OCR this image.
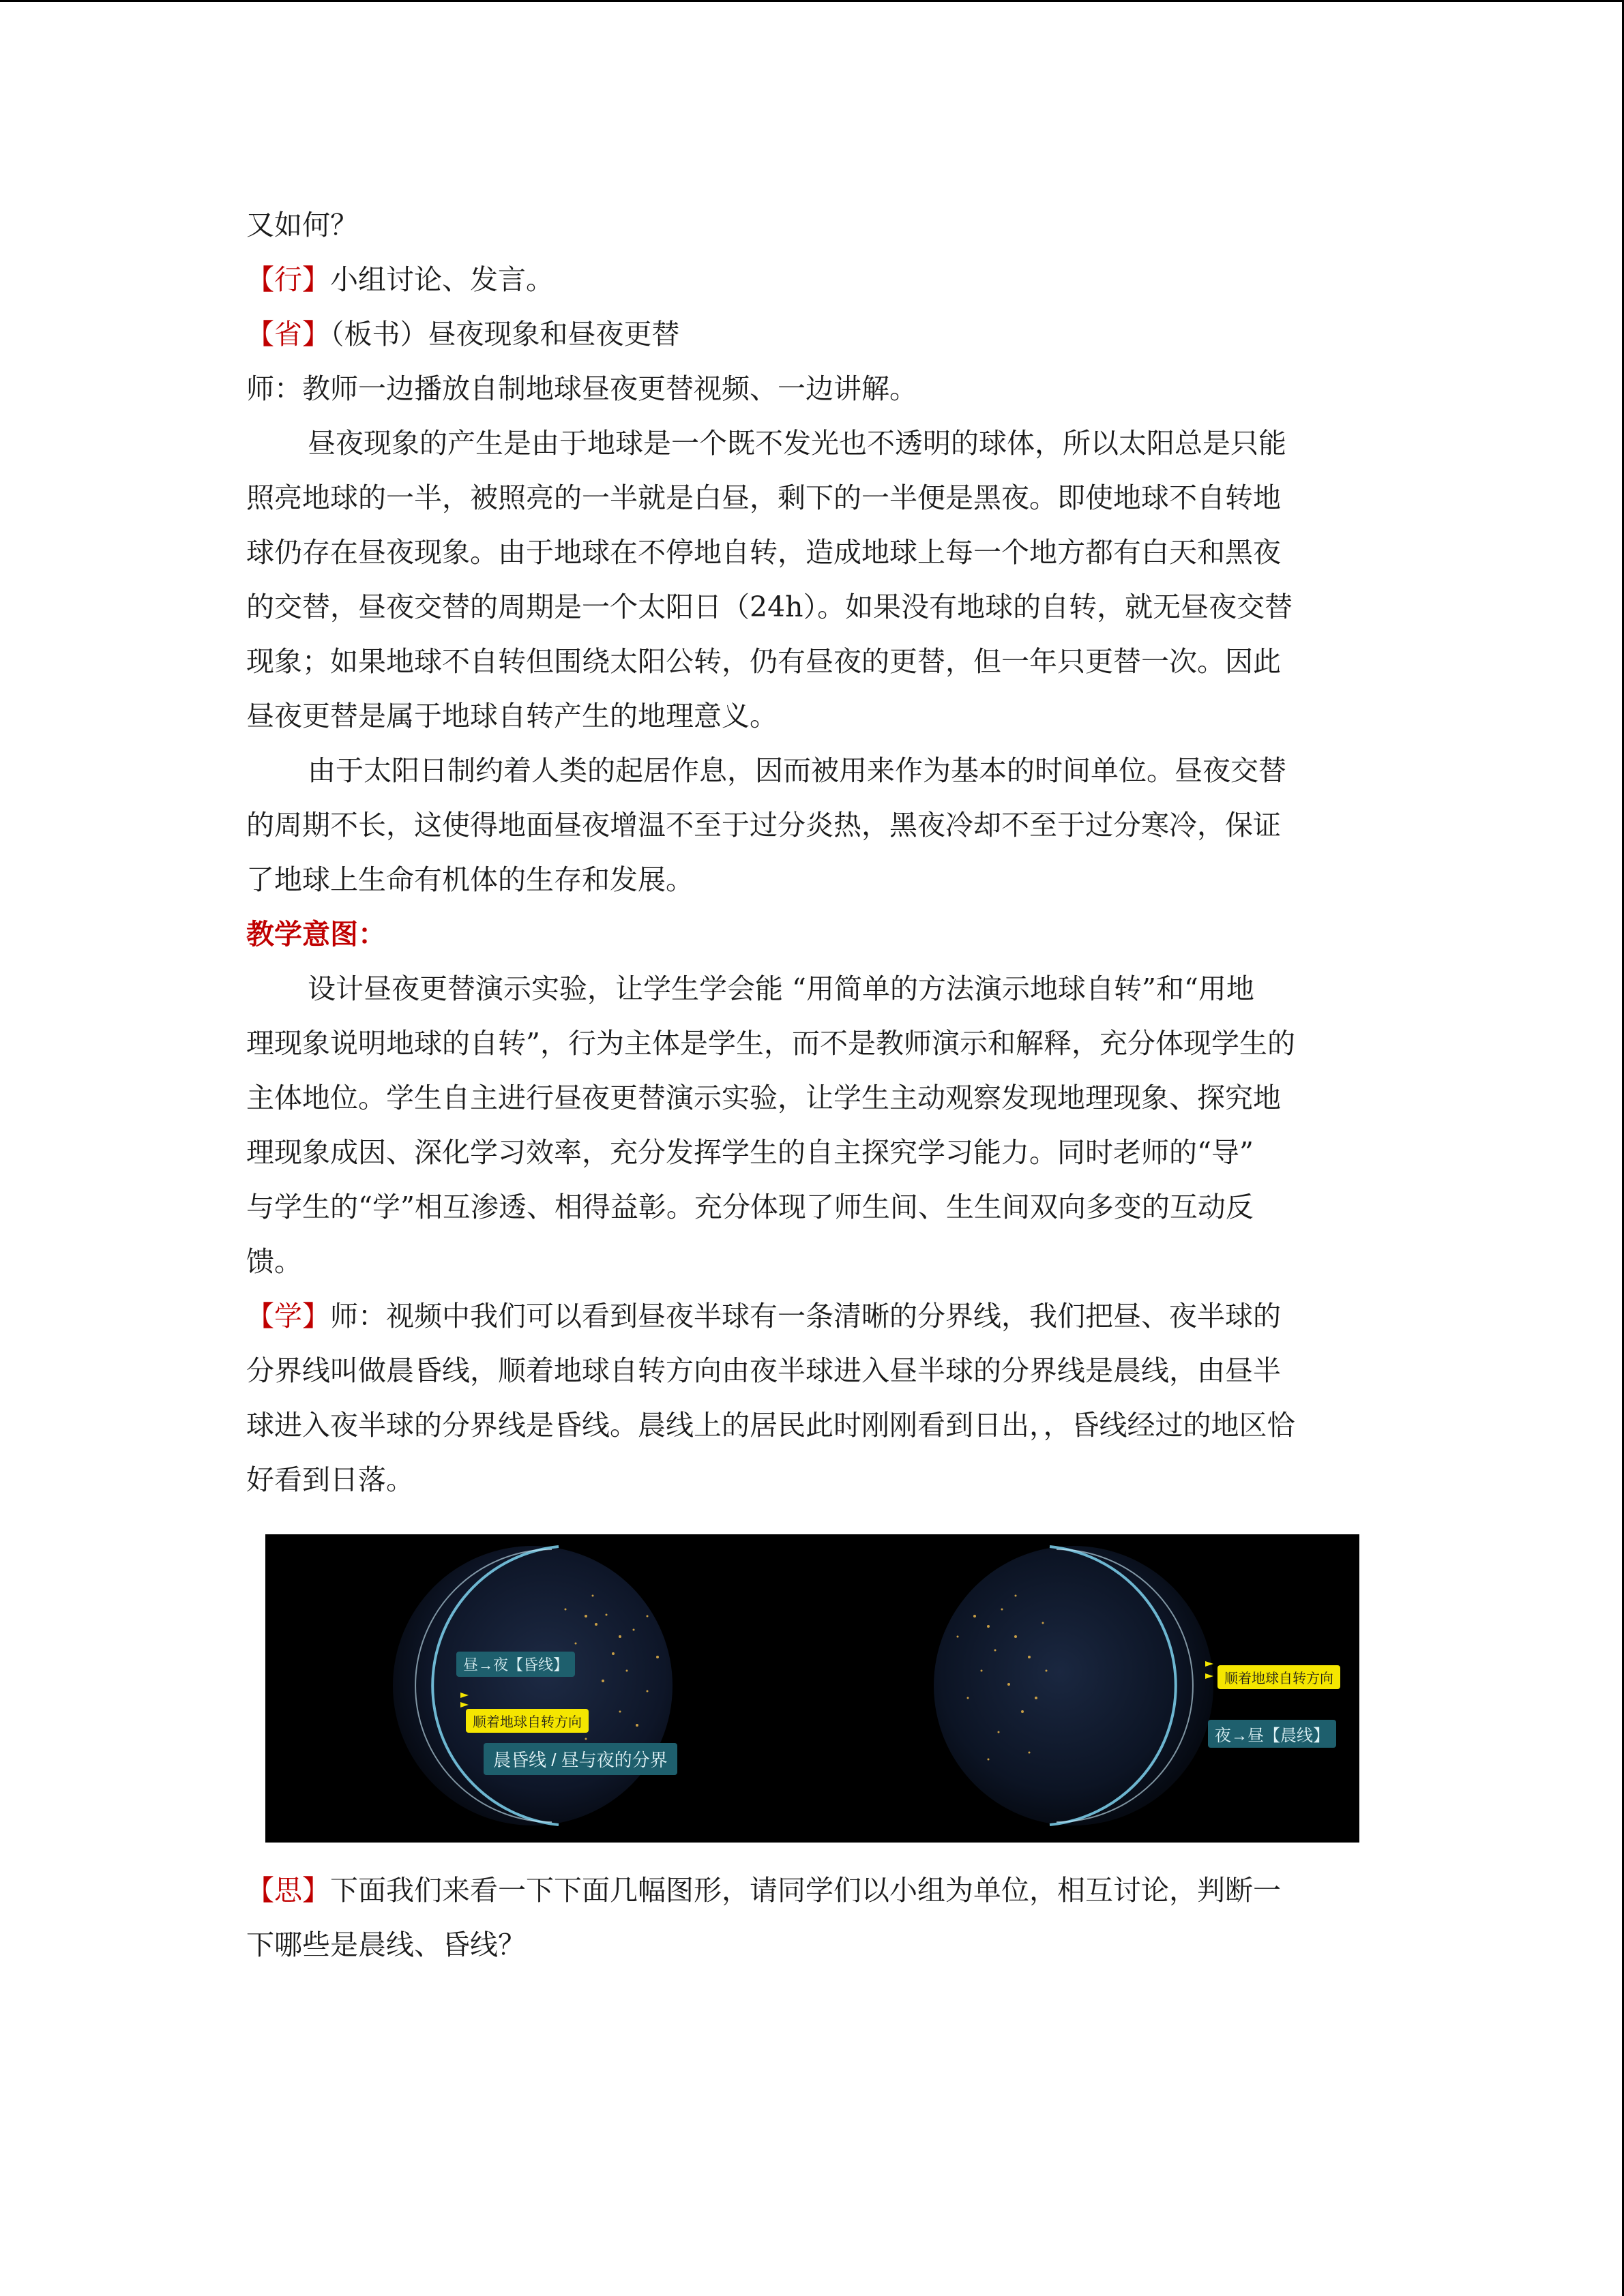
又如何？
【行】小组讨论、发言。
【省】（板书）昼夜现象和昼夜更替
师：教师一边播放自制地球昼夜更替视频、一边讲解。
昼夜现象的产生是由于地球是一个既不发光也不透明的球体，所以太阳总是只能
照亮地球的一半，被照亮的一半就是白昼，剩下的一半便是黑夜。即使地球不自转地
球仍存在昼夜现象。由于地球在不停地自转，造成地球上每一个地方都有白天和黑夜
的交替，昼夜交替的周期是一个太阳日（24h）。如果没有地球的自转，就无昼夜交替
现象；如果地球不自转但围绕太阳公转，仍有昼夜的更替，但一年只更替一次。因此
昼夜更替是属于地球自转产生的地理意义。
由于太阳日制约着人类的起居作息，因而被用来作为基本的时间单位。昼夜交替
的周期不长，这使得地面昼夜增温不至于过分炎热，黑夜冷却不至于过分寒冷，保证
了地球上生命有机体的生存和发展。
教学意图：
设计昼夜更替演示实验，让学生学会能 “用简单的方法演示地球自转”和“用地
理现象说明地球的自转”，行为主体是学生，而不是教师演示和解释，充分体现学生的
主体地位。学生自主进行昼夜更替演示实验，让学生主动观察发现地理现象、探究地
理现象成因、深化学习效率，充分发挥学生的自主探究学习能力。同时老师的“导”
与学生的“学”相互渗透、相得益彰。充分体现了师生间、生生间双向多变的互动反
馈。
【学】师：视频中我们可以看到昼夜半球有一条清晰的分界线，我们把昼、夜半球的
分界线叫做晨昏线，顺着地球自转方向由夜半球进入昼半球的分界线是晨线，由昼半
球进入夜半球的分界线是昏线。晨线上的居民此时刚刚看到日出，，昏线经过的地区恰
好看到日落。
昼→夜【昏线】
顺着地球自转方向
晨昏线 / 昼与夜的分界
顺着地球自转方向
夜→昼【晨线】
【思】下面我们来看一下下面几幅图形，请同学们以小组为单位，相互讨论，判断一
下哪些是晨线、昏线？
